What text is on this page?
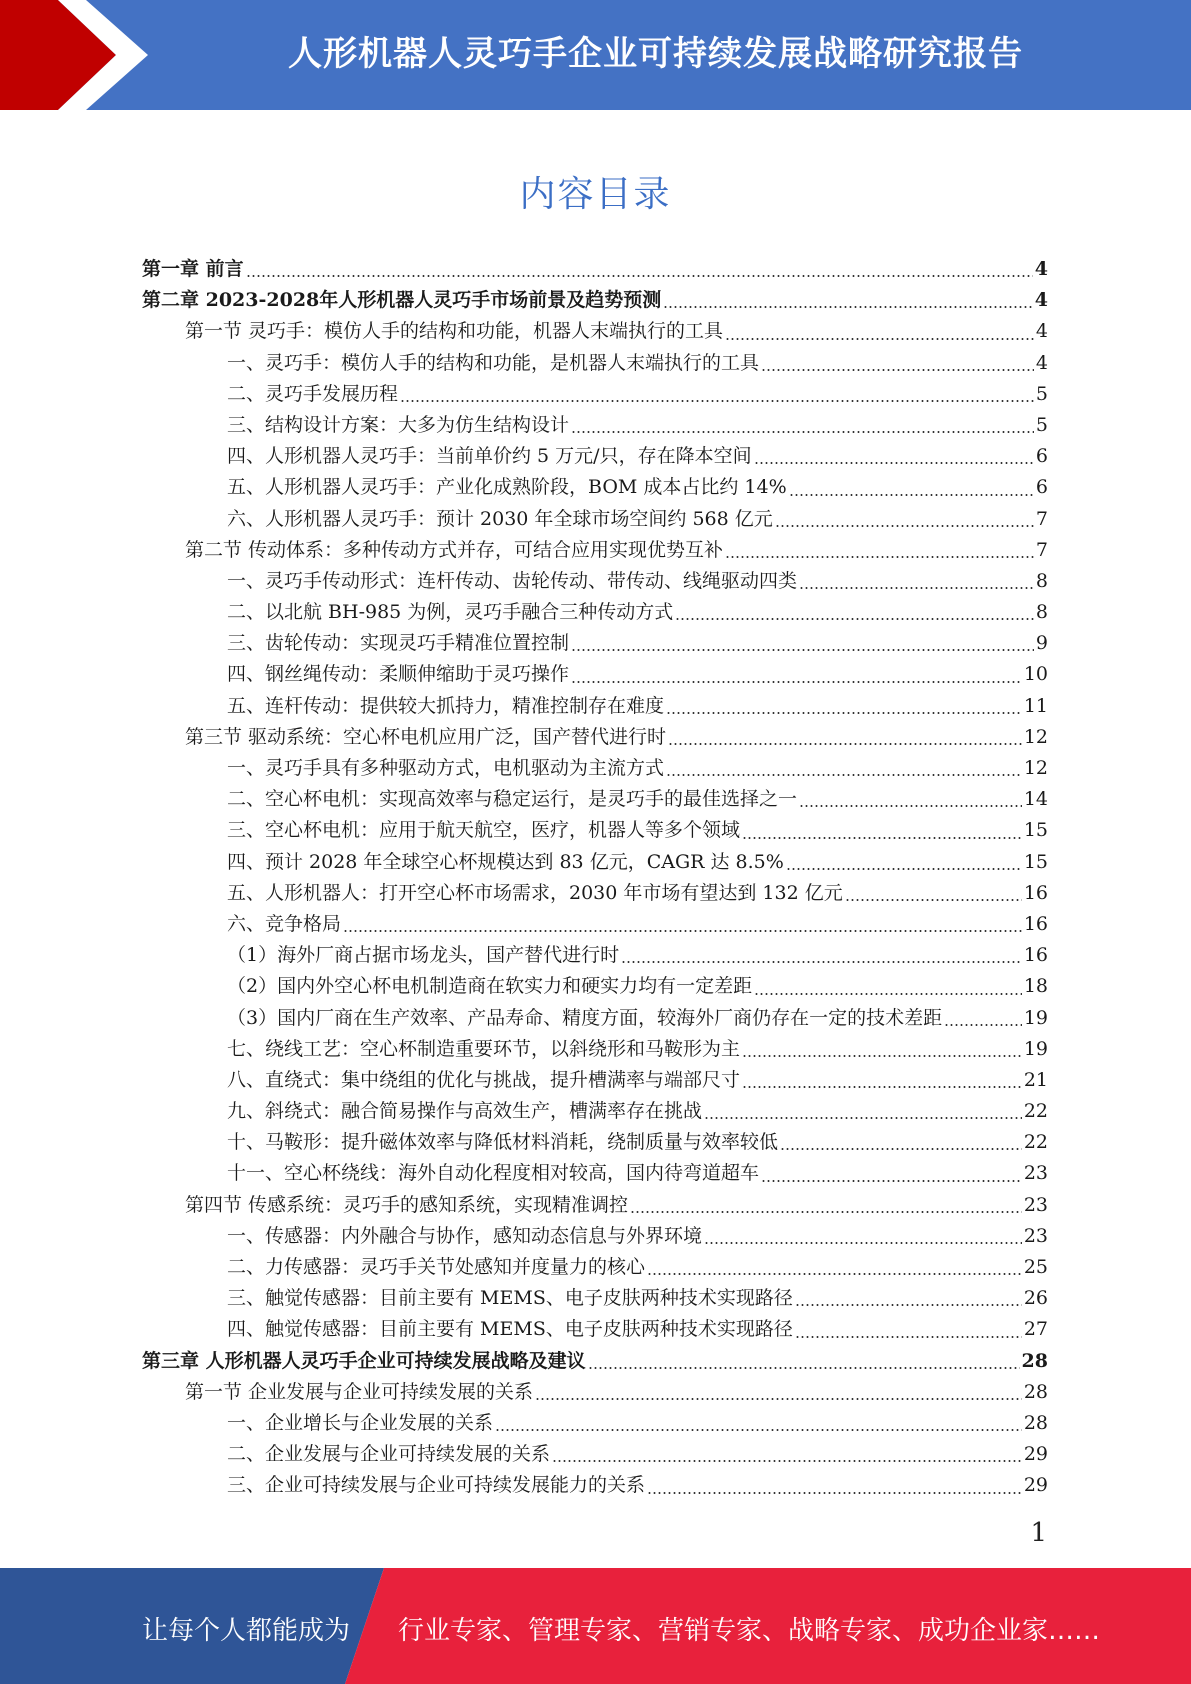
人形机器人灵巧手企业可持续发展战略研究报告
内容目录
第一章 前言	4
第二章 2023-2028年人形机器人灵巧手市场前景及趋势预测	4
第一节 灵巧手：模仿人手的结构和功能，机器人末端执行的工具	4
一、灵巧手：模仿人手的结构和功能，是机器人末端执行的工具	4
二、灵巧手发展历程	5
三、结构设计方案：大多为仿生结构设计	5
四、人形机器人灵巧手：当前单价约 5 万元/只，存在降本空间	6
五、人形机器人灵巧手：产业化成熟阶段，BOM 成本占比约 14%	6
六、人形机器人灵巧手：预计 2030 年全球市场空间约 568 亿元	7
第二节 传动体系：多种传动方式并存，可结合应用实现优势互补	7
一、灵巧手传动形式：连杆传动、齿轮传动、带传动、线绳驱动四类	8
二、以北航 BH-985 为例，灵巧手融合三种传动方式	8
三、齿轮传动：实现灵巧手精准位置控制	9
四、钢丝绳传动：柔顺伸缩助于灵巧操作	10
五、连杆传动：提供较大抓持力，精准控制存在难度	11
第三节 驱动系统：空心杯电机应用广泛，国产替代进行时	12
一、灵巧手具有多种驱动方式，电机驱动为主流方式	12
二、空心杯电机：实现高效率与稳定运行，是灵巧手的最佳选择之一	14
三、空心杯电机：应用于航天航空，医疗，机器人等多个领域	15
四、预计 2028 年全球空心杯规模达到 83 亿元，CAGR 达 8.5%	15
五、人形机器人：打开空心杯市场需求，2030 年市场有望达到 132 亿元	16
六、竞争格局	16
（1）海外厂商占据市场龙头，国产替代进行时	16
（2）国内外空心杯电机制造商在软实力和硬实力均有一定差距	18
（3）国内厂商在生产效率、产品寿命、精度方面，较海外厂商仍存在一定的技术差距	19
七、绕线工艺：空心杯制造重要环节，以斜绕形和马鞍形为主	19
八、直绕式：集中绕组的优化与挑战，提升槽满率与端部尺寸	21
九、斜绕式：融合简易操作与高效生产，槽满率存在挑战	22
十、马鞍形：提升磁体效率与降低材料消耗，绕制质量与效率较低	22
十一、空心杯绕线：海外自动化程度相对较高，国内待弯道超车	23
第四节 传感系统：灵巧手的感知系统，实现精准调控	23
一、传感器：内外融合与协作，感知动态信息与外界环境	23
二、力传感器：灵巧手关节处感知并度量力的核心	25
三、触觉传感器：目前主要有 MEMS、电子皮肤两种技术实现路径	26
四、触觉传感器：目前主要有 MEMS、电子皮肤两种技术实现路径	27
第三章 人形机器人灵巧手企业可持续发展战略及建议	28
第一节 企业发展与企业可持续发展的关系	28
一、企业增长与企业发展的关系	28
二、企业发展与企业可持续发展的关系	29
三、企业可持续发展与企业可持续发展能力的关系	29
1
让每个人都能成为 行业专家、管理专家、营销专家、战略专家、成功企业家……
